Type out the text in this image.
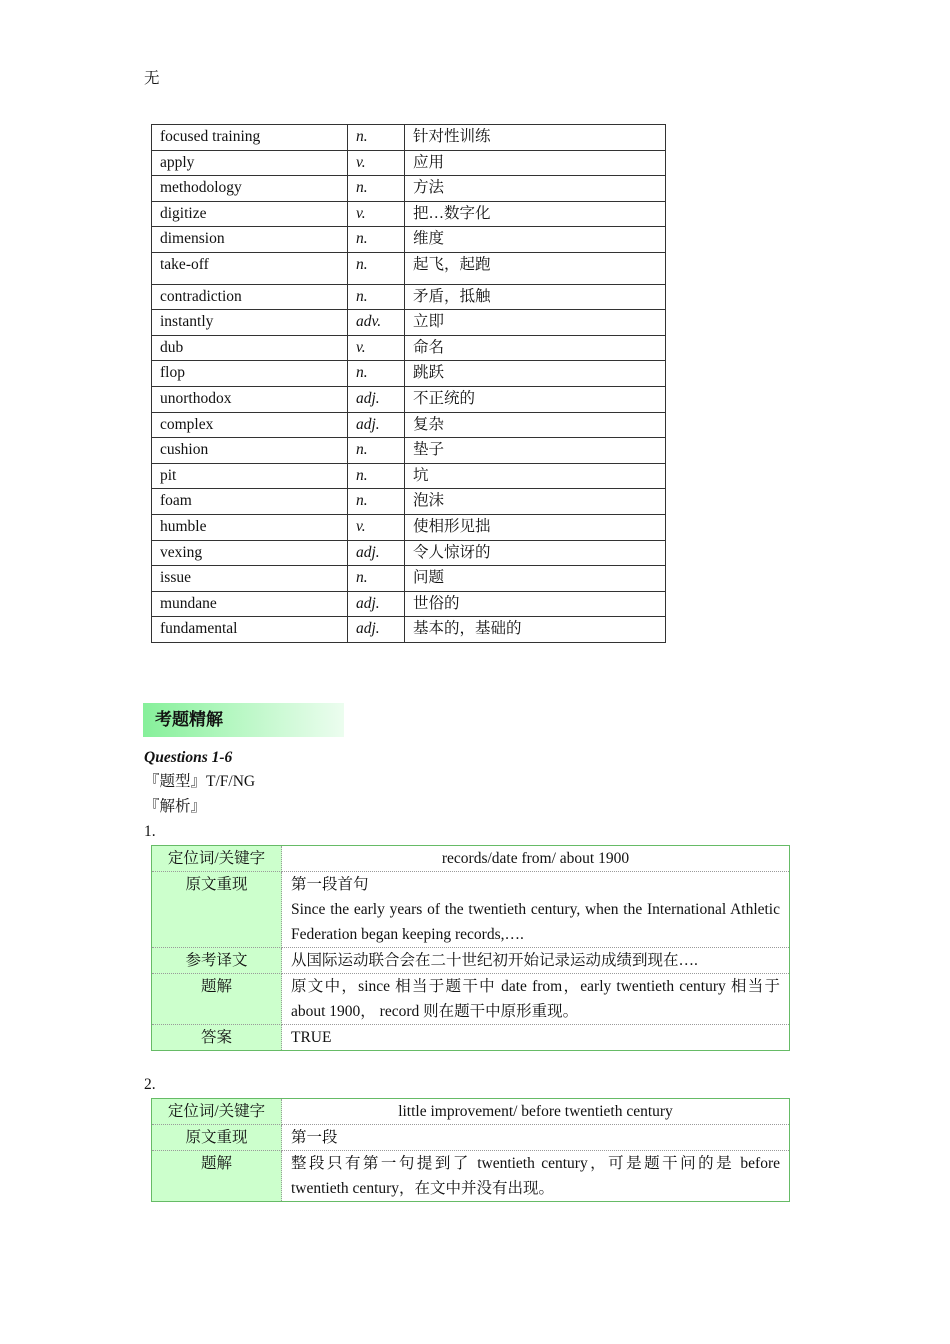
无
focused training	n.	针对性训练
apply	v.	应用
methodology	n.	方法
digitize	v.	把…数字化
dimension	n.	维度
take-off	n.	起飞，起跑
contradiction	n.	矛盾，抵触
instantly	adv.	立即
dub	v.	命名
flop	n.	跳跃
unorthodox	adj.	不正统的
complex	adj.	复杂
cushion	n.	垫子
pit	n.	坑
foam	n.	泡沫
humble	v.	使相形见拙
vexing	adj.	令人惊讶的
issue	n.	问题
mundane	adj.	世俗的
fundamental	adj.	基本的，基础的
考题精解
Questions 1-6
『题型』T/F/NG
『解析』
1.
定位词/关键字	records/date from/ about 1900
原文重现	第一段首句
Since the early years of the twentieth century, when the International Athletic Federation began keeping records,….

参考译文	从国际运动联合会在二十世纪初开始记录运动成绩到现在….
题解	原文中，since 相当于题干中 date from，early twentieth century 相当于 about 1900， record 则在题干中原形重现。
答案	TRUE
2.
定位词/关键字	little improvement/ before twentieth century
原文重现	第一段
题解	整段只有第一句提到了 twentieth century，可是题干问的是 before twentieth century，在文中并没有出现。
